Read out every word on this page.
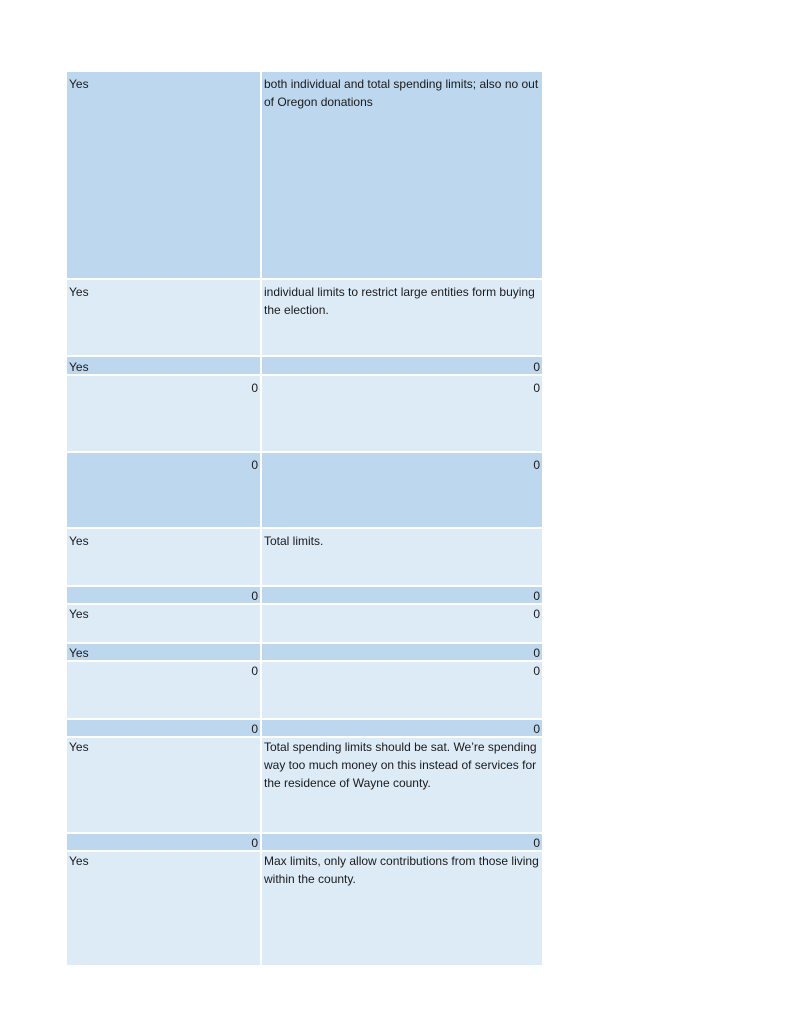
Yes	both individual and total spending limits; also no out of Oregon donations
Yes	individual limits to restrict large entities form buying the election.
Yes	0
0	0
0	0
Yes	Total limits.
0	0
Yes	0
Yes	0
0	0
0	0
Yes	Total spending limits should be sat. We’re spending way too much money on this instead of services for the residence of Wayne county.
0	0
Yes	Max limits, only allow contributions from those living within the county.
